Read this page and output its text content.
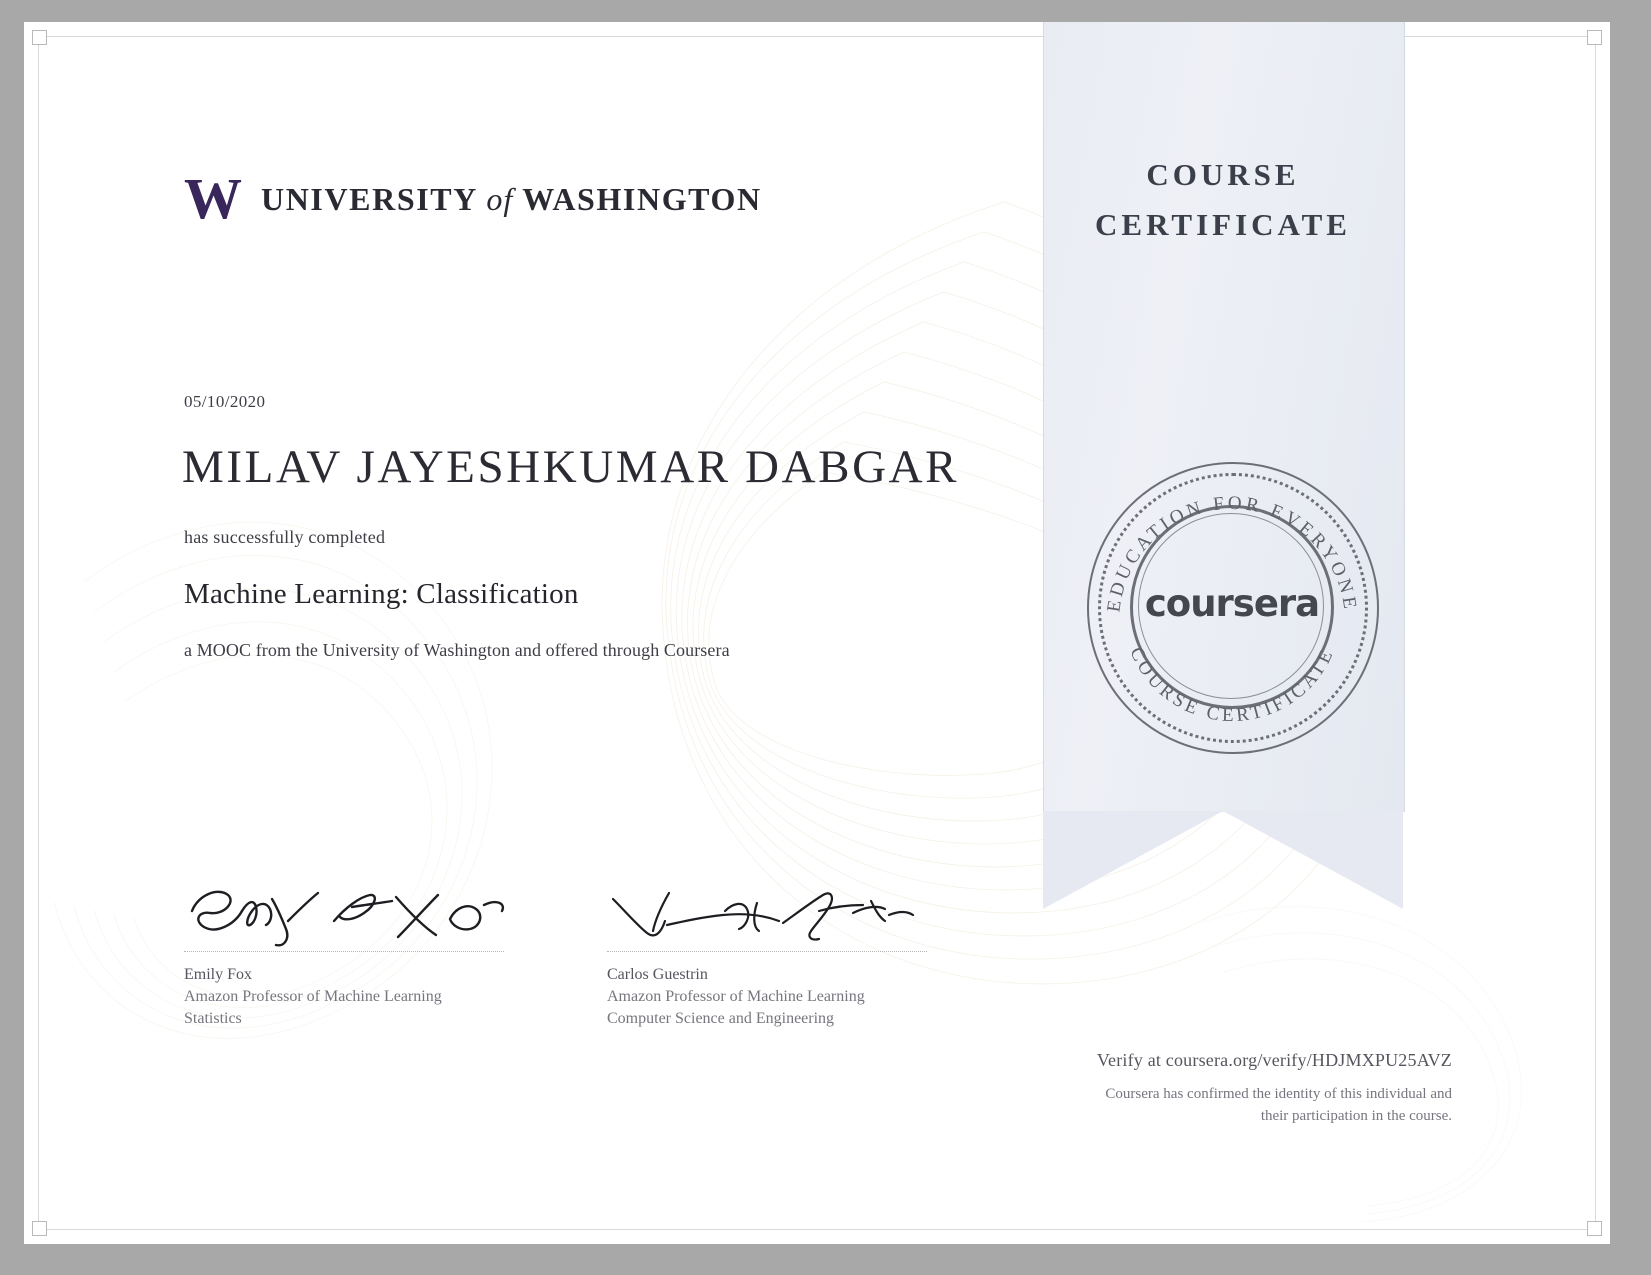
COURSE
CERTIFICATE
EDUCATION FOR EVERYONE
COURSE CERTIFICATE
coursera
W UNIVERSITY of WASHINGTON
05/10/2020
MILAV JAYESHKUMAR DABGAR
has successfully completed
Machine Learning: Classification
a MOOC from the University of Washington and offered through Coursera
Emily Fox
Amazon Professor of Machine Learning
Statistics
Carlos Guestrin
Amazon Professor of Machine Learning
Computer Science and Engineering
Verify at coursera.org/verify/HDJMXPU25AVZ
Coursera has confirmed the identity of this individual and
their participation in the course.
